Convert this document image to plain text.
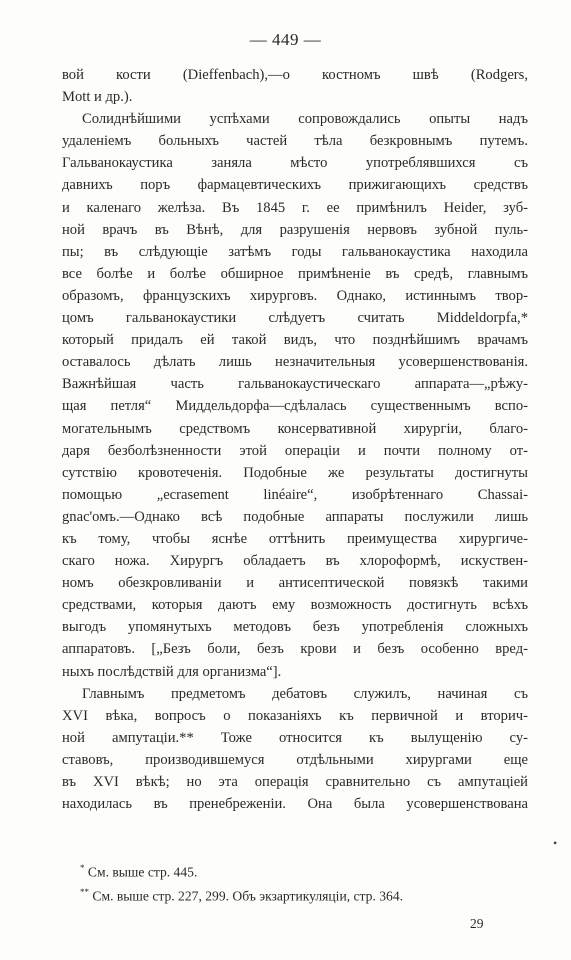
— 449 —
вой кости (Dieffenbach),—о костномъ швѣ (Rodgers,
Mott и др.).
Солиднѣйшими успѣхами сопровождались опыты надъ
удаленіемъ больныхъ частей тѣла безкровнымъ путемъ.
Гальванокаустика заняла мѣсто употреблявшихся съ
давнихъ поръ фармацевтическихъ прижигающихъ средствъ
и каленаго желѣза. Въ 1845 г. ее примѣнилъ Heider, зуб-
ной врачъ въ Вѣнѣ, для разрушенія нервовъ зубной пуль-
пы; въ слѣдующіе затѣмъ годы гальванокаустика находила
все болѣе и болѣе обширное примѣненіе въ средѣ, главнымъ
образомъ, французскихъ хирурговъ. Однако, истиннымъ твор-
цомъ гальванокаустики слѣдуетъ считать Middeldorpfa,*
который придалъ ей такой видъ, что позднѣйшимъ врачамъ
оставалось дѣлать лишь незначительныя усовершенствованія.
Важнѣйшая часть гальванокаустическаго аппарата—„рѣжу-
щая петля“ Миддельдорфа—сдѣлалась существеннымъ вспо-
могательнымъ средствомъ консервативной хирургіи, благо-
даря безболѣзненности этой операціи и почти полному от-
сутствію кровотеченія. Подобные же результаты достигнуты
помощью „ecrasement linéaire“, изобрѣтеннаго Chassai-
gnac'омъ.—Однако всѣ подобные аппараты послужили лишь
къ тому, чтобы яснѣе оттѣнить преимущества хирургиче-
скаго ножа. Хирургъ обладаетъ въ хлороформѣ, искуствен-
номъ обезкровливаніи и антисептической повязкѣ такими
средствами, которыя даютъ ему возможность достигнуть всѣхъ
выгодъ упомянутыхъ методовъ безъ употребленія сложныхъ
аппаратовъ. [„Безъ боли, безъ крови и безъ особенно вред-
ныхъ послѣдствій для организма“].
Главнымъ предметомъ дебатовъ служилъ, начиная съ
XVI вѣка, вопросъ о показаніяхъ къ первичной и вторич-
ной ампутаціи.** Тоже относится къ вылущенію су-
ставовъ, производившемуся отдѣльными хирургами еще
въ XVI вѣкѣ; но эта операція сравнительно съ ампутаціей
находилась въ пренебреженіи. Она была усовершенствована
•
* См. выше стр. 445.
** См. выше стр. 227, 299. Объ экзартикуляціи, стр. 364.
29
